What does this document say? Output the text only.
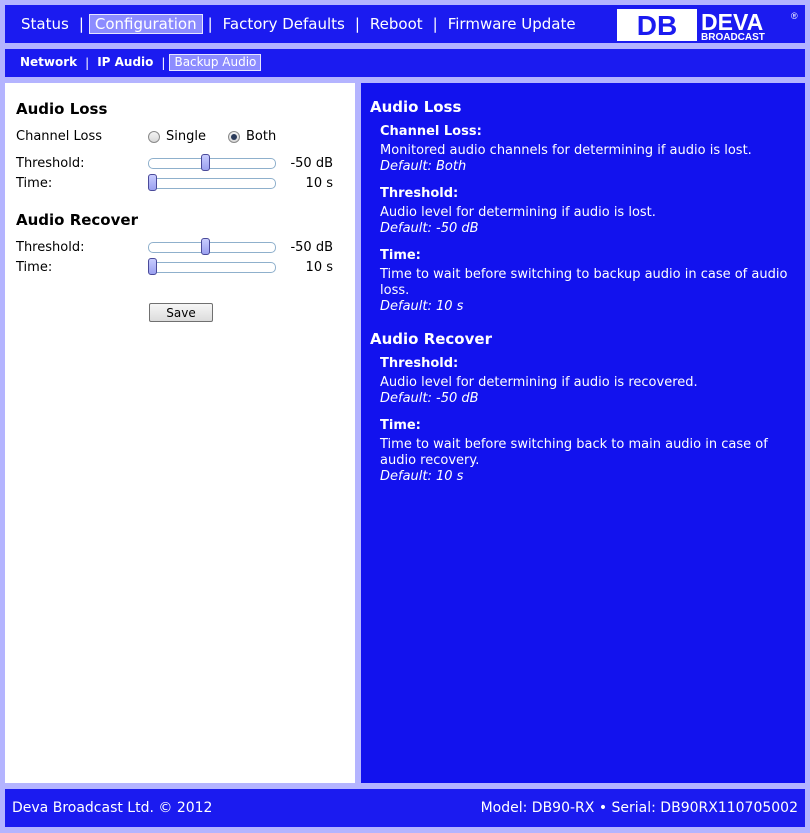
Status | Configuration | Factory Defaults | Reboot | Firmware Update DB DEVA	®
BROADCAST
Network | IP Audio | Backup Audio
Audio Loss
Channel Loss	Single	Both
Threshold:	-50 dB
Time:	10 s
Audio Recover
Threshold:	-50 dB
Time:	10 s
Save
Audio Loss
Channel Loss:
Monitored audio channels for determining if audio is lost.
Default: Both
Threshold:
Audio level for determining if audio is lost.
Default: -50 dB
Time:
Time to wait before switching to backup audio in case of audio loss.
Default: 10 s
Audio Recover
Threshold:
Audio level for determining if audio is recovered.
Default: -50 dB
Time:
Time to wait before switching back to main audio in case of audio recovery.
Default: 10 s
Deva Broadcast Ltd. © 2012	Model: DB90-RX • Serial: DB90RX110705002
